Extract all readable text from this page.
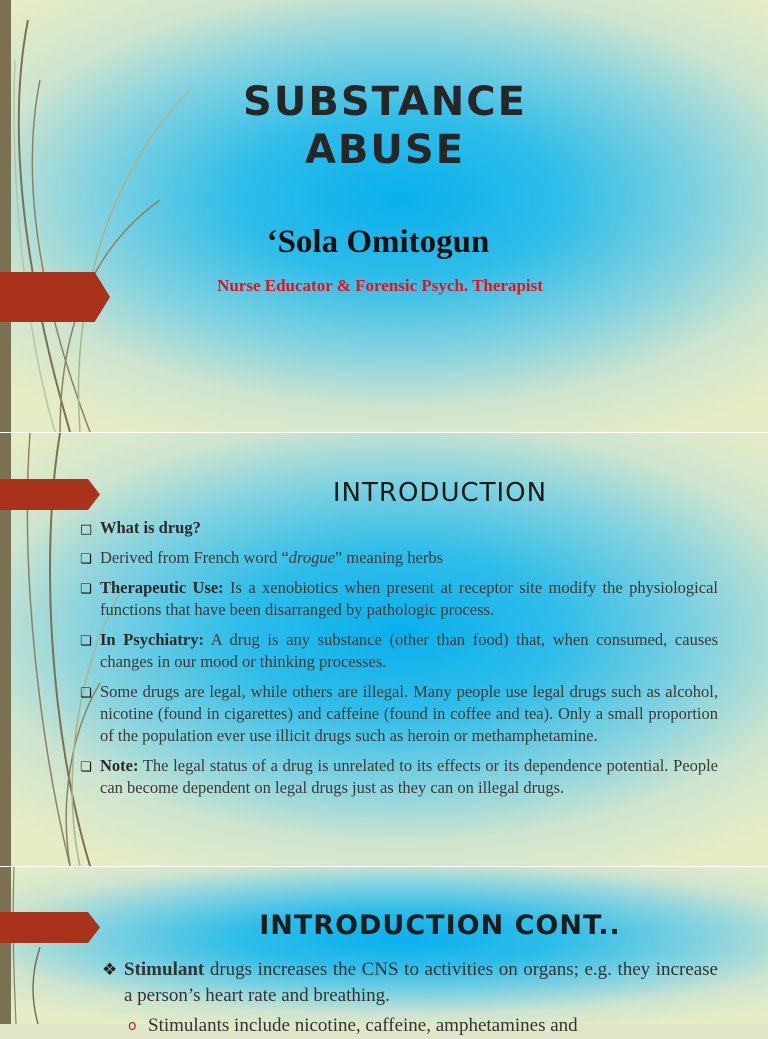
SUBSTANCE
ABUSE
‘Sola Omitogun
Nurse Educator & Forensic Psych. Therapist
INTRODUCTION
□ What is drug?
❏ Derived from French word “drogue” meaning herbs
❏ Therapeutic Use: Is a xenobiotics when present at receptor site modify the physiological functions that have been disarranged by pathologic process.
❏ In Psychiatry: A drug is any substance (other than food) that, when consumed, causes changes in our mood or thinking processes.
❏ Some drugs are legal, while others are illegal. Many people use legal drugs such as alcohol, nicotine (found in cigarettes) and caffeine (found in coffee and tea). Only a small proportion of the population ever use illicit drugs such as heroin or methamphetamine.
❏ Note: The legal status of a drug is unrelated to its effects or its dependence potential. People can become dependent on legal drugs just as they can on illegal drugs.
INTRODUCTION CONT..
❖ Stimulant drugs increases the CNS to activities on organs; e.g. they increase a person’s heart rate and breathing.
o Stimulants include nicotine, caffeine, amphetamines and
